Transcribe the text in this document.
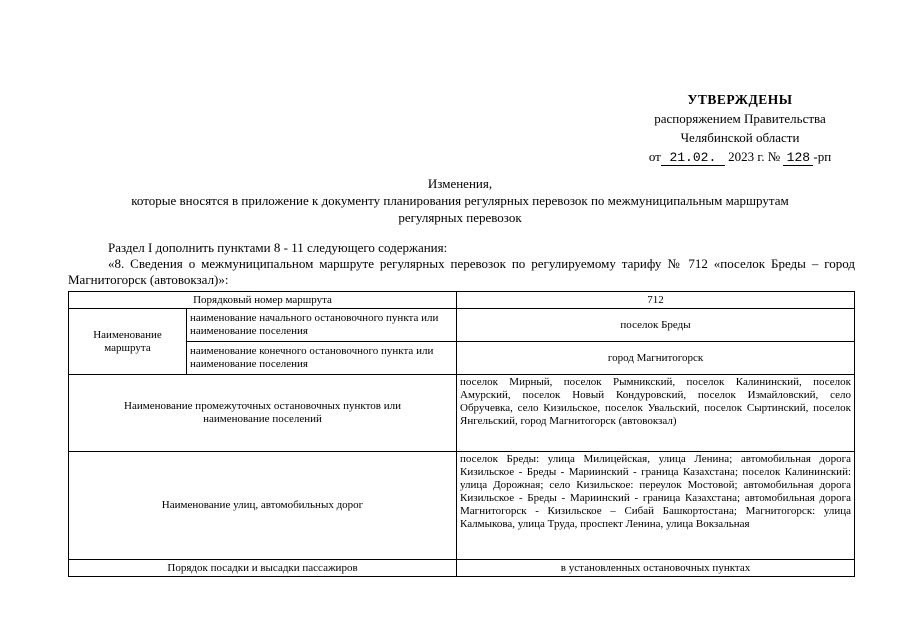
УТВЕРЖДЕНЫ
распоряжением Правительства
Челябинской области
от 21.02. 2023 г. № 128 -рп
Изменения,
которые вносятся в приложение к документу планирования регулярных перевозок по межмуниципальным маршрутам
регулярных перевозок

Раздел I дополнить пунктами 8 - 11 следующего содержания:

«8. Сведения о межмуниципальном маршруте регулярных перевозок по регулируемому тарифу № 712 «поселок Бреды – город Магнитогорск (автовокзал)»:

Порядковый номер маршрута		712
Наименование маршрута	наименование начального остановочного пункта или наименование поселения	поселок Бреды
	наименование конечного остановочного пункта или наименование поселения	город Магнитогорск
Наименование промежуточных остановочных пунктов или наименование поселений		поселок Мирный, поселок Рымникский, поселок Калининский, поселок Амурский, поселок Новый Кондуровский, поселок Измайловский, село Обручевка, село Кизильское, поселок Увальский, поселок Сыртинский, поселок Янгельский, город Магнитогорск (автовокзал)
Наименование улиц, автомобильных дорог		поселок Бреды: улица Милицейская, улица Ленина; автомобильная дорога Кизильское - Бреды - Мариинский - граница Казахстана; поселок Калининский: улица Дорожная; село Кизильское: переулок Мостовой; автомобильная дорога Кизильское - Бреды - Мариинский - граница Казахстана; автомобильная дорога Магнитогорск - Кизильское – Сибай Башкортостана; Магнитогорск: улица Калмыкова, улица Труда, проспект Ленина, улица Вокзальная
Порядок посадки и высадки пассажиров		в установленных остановочных пунктах
